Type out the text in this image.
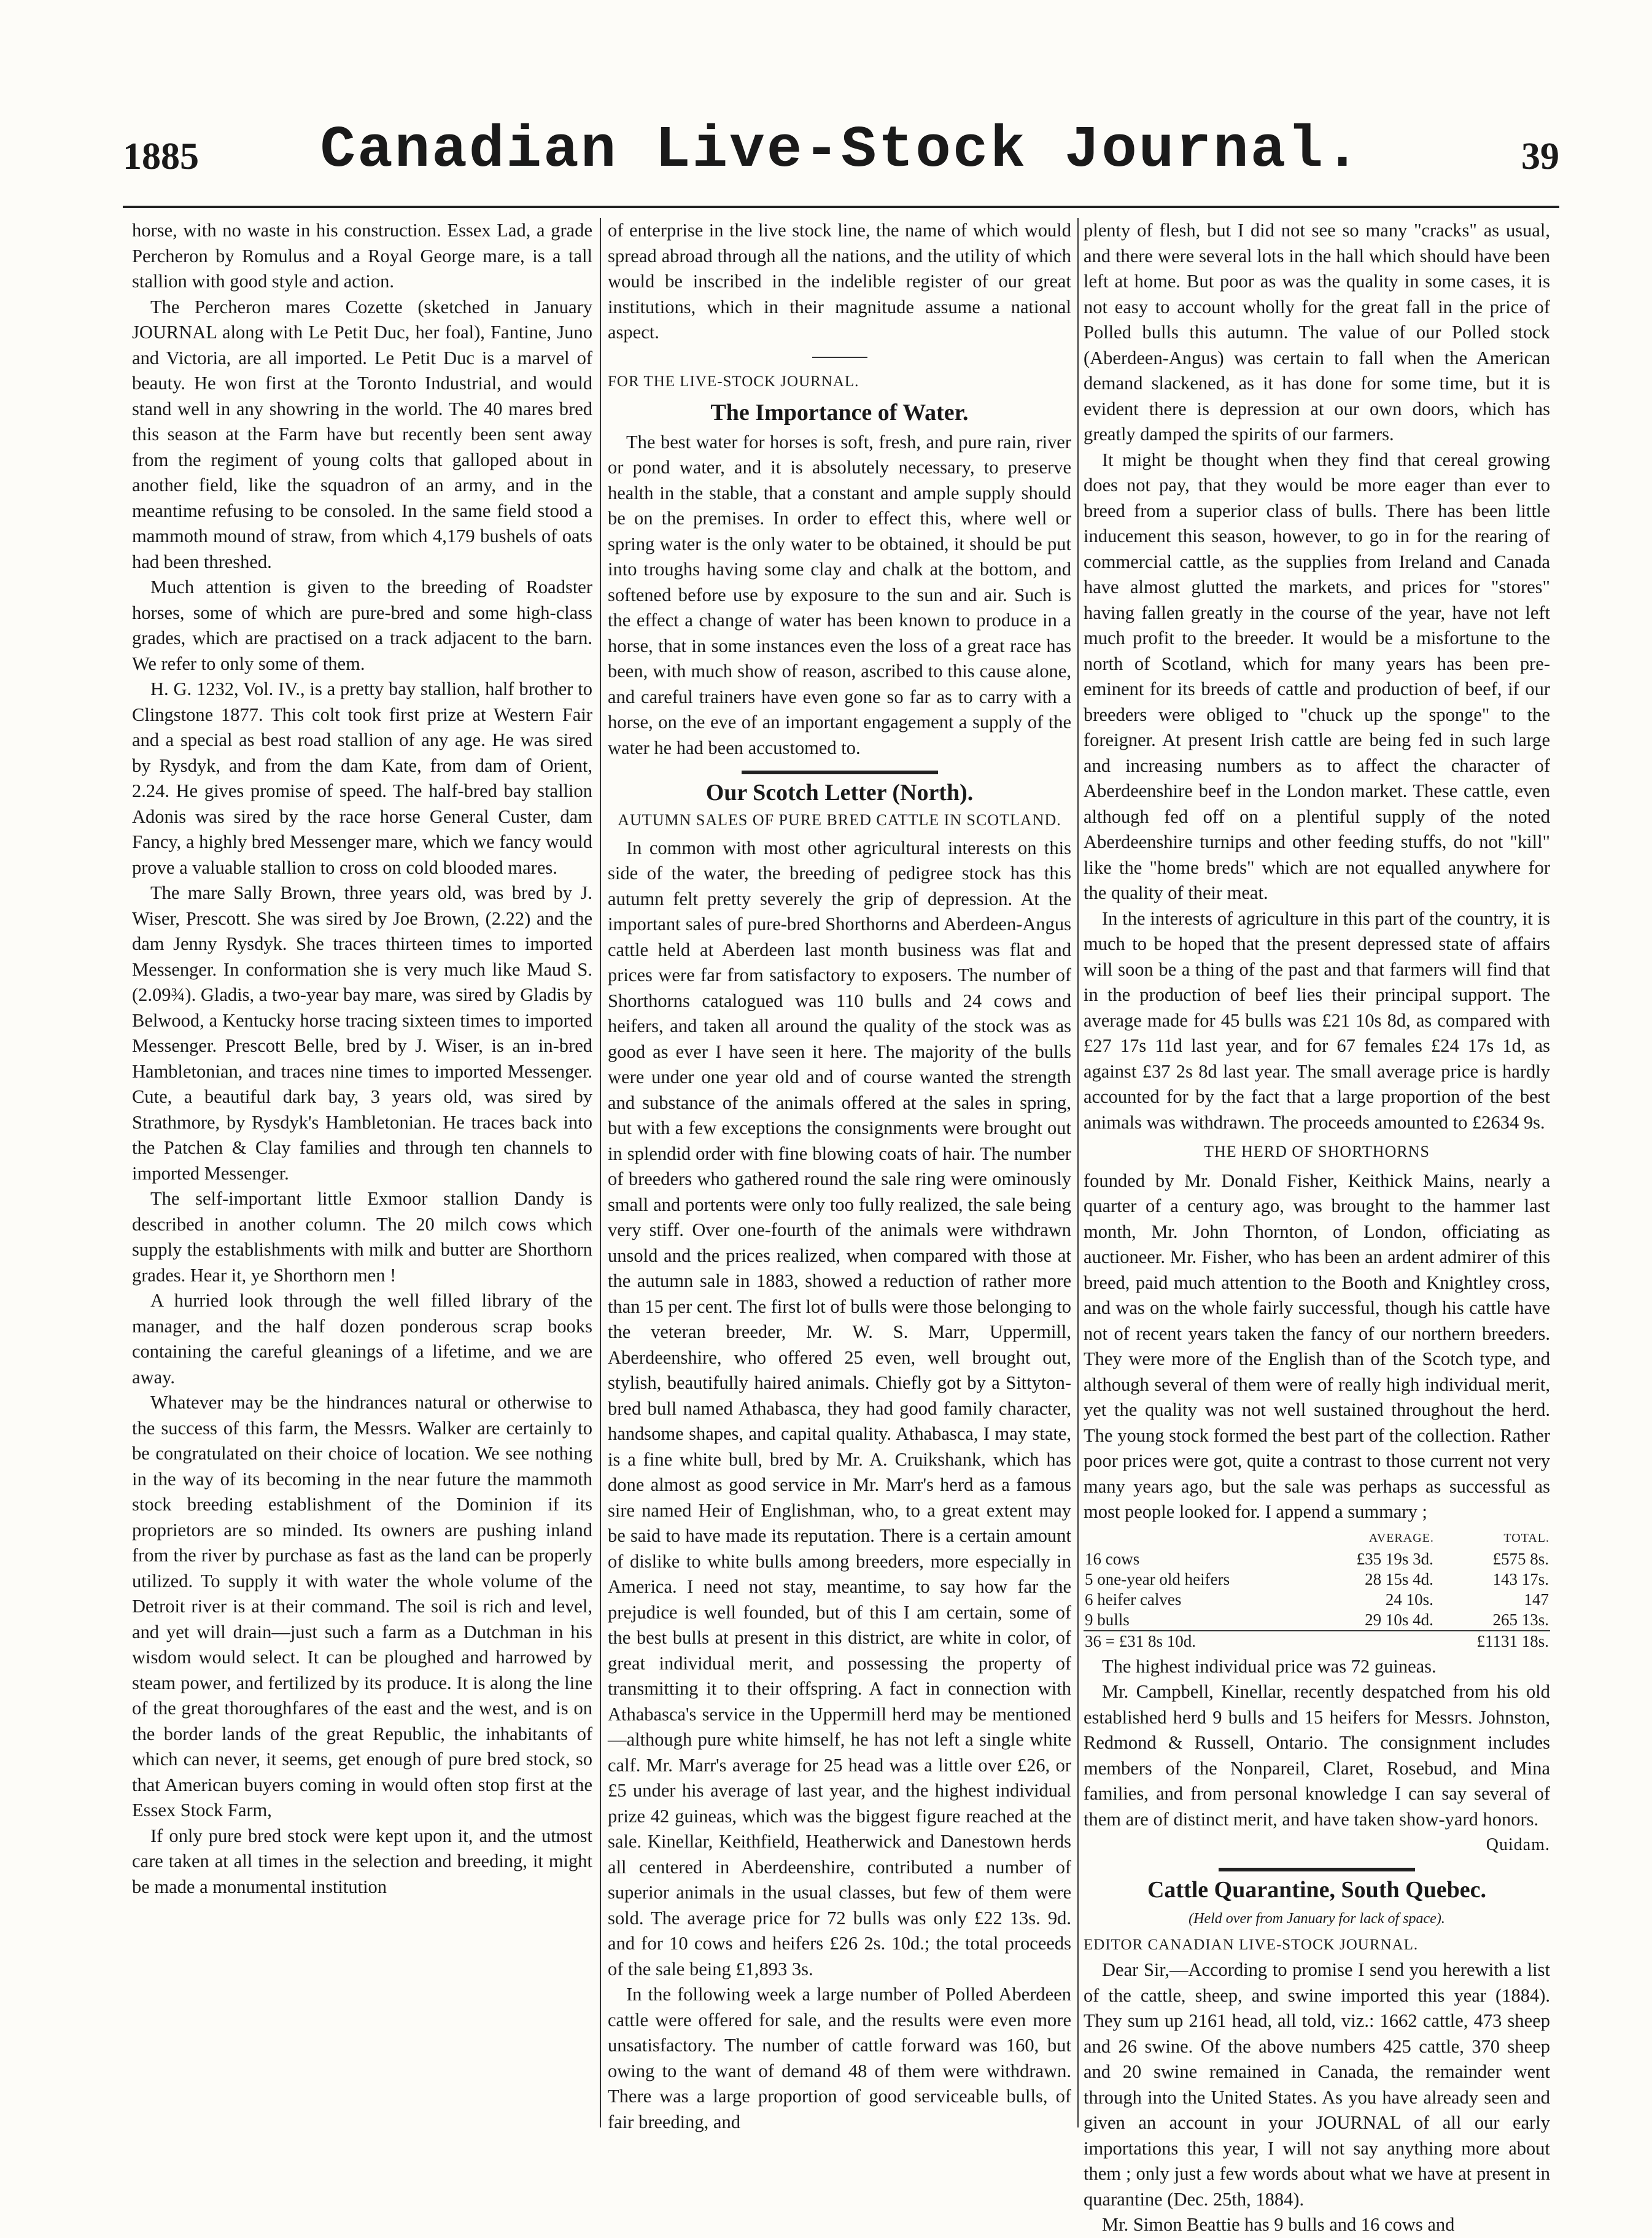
1885	Canadian Live-Stock Journal.	39

horse, with no waste in his construction. Essex Lad, a grade Percheron by Romulus and a Royal George mare, is a tall stallion with good style and action.

The Percheron mares Cozette (sketched in January JOURNAL along with Le Petit Duc, her foal), Fantine, Juno and Victoria, are all imported. Le Petit Duc is a marvel of beauty. He won first at the Toronto Industrial, and would stand well in any showring in the world. The 40 mares bred this season at the Farm have but recently been sent away from the regiment of young colts that galloped about in another field, like the squadron of an army, and in the meantime refusing to be consoled. In the same field stood a mammoth mound of straw, from which 4,179 bushels of oats had been threshed.

Much attention is given to the breeding of Roadster horses, some of which are pure-bred and some high-class grades, which are practised on a track adjacent to the barn. We refer to only some of them.

H. G. 1232, Vol. IV., is a pretty bay stallion, half brother to Clingstone 1877. This colt took first prize at Western Fair and a special as best road stallion of any age. He was sired by Rysdyk, and from the dam Kate, from dam of Orient, 2.24. He gives promise of speed. The half-bred bay stallion Adonis was sired by the race horse General Custer, dam Fancy, a highly bred Messenger mare, which we fancy would prove a valuable stallion to cross on cold blooded mares.

The mare Sally Brown, three years old, was bred by J. Wiser, Prescott. She was sired by Joe Brown, (2.22) and the dam Jenny Rysdyk. She traces thirteen times to imported Messenger. In conformation she is very much like Maud S. (2.09¾). Gladis, a two-year bay mare, was sired by Gladis by Belwood, a Kentucky horse tracing sixteen times to imported Messenger. Prescott Belle, bred by J. Wiser, is an in-bred Hambletonian, and traces nine times to imported Messenger. Cute, a beautiful dark bay, 3 years old, was sired by Strathmore, by Rysdyk's Hambletonian. He traces back into the Patchen & Clay families and through ten channels to imported Messenger.

The self-important little Exmoor stallion Dandy is described in another column. The 20 milch cows which supply the establishments with milk and butter are Shorthorn grades. Hear it, ye Shorthorn men !

A hurried look through the well filled library of the manager, and the half dozen ponderous scrap books containing the careful gleanings of a lifetime, and we are away.

Whatever may be the hindrances natural or otherwise to the success of this farm, the Messrs. Walker are certainly to be congratulated on their choice of location. We see nothing in the way of its becoming in the near future the mammoth stock breeding establishment of the Dominion if its proprietors are so minded. Its owners are pushing inland from the river by purchase as fast as the land can be properly utilized. To supply it with water the whole volume of the Detroit river is at their command. The soil is rich and level, and yet will drain—just such a farm as a Dutchman in his wisdom would select. It can be ploughed and harrowed by steam power, and fertilized by its produce. It is along the line of the great thoroughfares of the east and the west, and is on the border lands of the great Republic, the inhabitants of which can never, it seems, get enough of pure bred stock, so that American buyers coming in would often stop first at the Essex Stock Farm,

If only pure bred stock were kept upon it, and the utmost care taken at all times in the selection and breeding, it might be made a monumental institution

of enterprise in the live stock line, the name of which would spread abroad through all the nations, and the utility of which would be inscribed in the indelible register of our great institutions, which in their magnitude assume a national aspect.

FOR THE LIVE-STOCK JOURNAL.

The Importance of Water.

The best water for horses is soft, fresh, and pure rain, river or pond water, and it is absolutely necessary, to preserve health in the stable, that a constant and ample supply should be on the premises. In order to effect this, where well or spring water is the only water to be obtained, it should be put into troughs having some clay and chalk at the bottom, and softened before use by exposure to the sun and air. Such is the effect a change of water has been known to produce in a horse, that in some instances even the loss of a great race has been, with much show of reason, ascribed to this cause alone, and careful trainers have even gone so far as to carry with a horse, on the eve of an important engagement a supply of the water he had been accustomed to.

Our Scotch Letter (North).
AUTUMN SALES OF PURE BRED CATTLE IN SCOTLAND.

In common with most other agricultural interests on this side of the water, the breeding of pedigree stock has this autumn felt pretty severely the grip of depression. At the important sales of pure-bred Shorthorns and Aberdeen-Angus cattle held at Aberdeen last month business was flat and prices were far from satisfactory to exposers. The number of Shorthorns catalogued was 110 bulls and 24 cows and heifers, and taken all around the quality of the stock was as good as ever I have seen it here. The majority of the bulls were under one year old and of course wanted the strength and substance of the animals offered at the sales in spring, but with a few exceptions the consignments were brought out in splendid order with fine blowing coats of hair. The number of breeders who gathered round the sale ring were ominously small and portents were only too fully realized, the sale being very stiff. Over one-fourth of the animals were withdrawn unsold and the prices realized, when compared with those at the autumn sale in 1883, showed a reduction of rather more than 15 per cent. The first lot of bulls were those belonging to the veteran breeder, Mr. W. S. Marr, Uppermill, Aberdeenshire, who offered 25 even, well brought out, stylish, beautifully haired animals. Chiefly got by a Sittyton-bred bull named Athabasca, they had good family character, handsome shapes, and capital quality. Athabasca, I may state, is a fine white bull, bred by Mr. A. Cruikshank, which has done almost as good service in Mr. Marr's herd as a famous sire named Heir of Englishman, who, to a great extent may be said to have made its reputation. There is a certain amount of dislike to white bulls among breeders, more especially in America. I need not stay, meantime, to say how far the prejudice is well founded, but of this I am certain, some of the best bulls at present in this district, are white in color, of great individual merit, and possessing the property of transmitting it to their offspring. A fact in connection with Athabasca's service in the Uppermill herd may be mentioned—although pure white himself, he has not left a single white calf. Mr. Marr's average for 25 head was a little over £26, or £5 under his average of last year, and the highest individual prize 42 guineas, which was the biggest figure reached at the sale. Kinellar, Keithfield, Heatherwick and Danestown herds all centered in Aberdeenshire, contributed a number of superior animals in the usual classes, but few of them were sold. The average price for 72 bulls was only £22 13s. 9d. and for 10 cows and heifers £26 2s. 10d.; the total proceeds of the sale being £1,893 3s.

In the following week a large number of Polled Aberdeen cattle were offered for sale, and the results were even more unsatisfactory. The number of cattle forward was 160, but owing to the want of demand 48 of them were withdrawn. There was a large proportion of good serviceable bulls, of fair breeding, and

plenty of flesh, but I did not see so many "cracks" as usual, and there were several lots in the hall which should have been left at home. But poor as was the quality in some cases, it is not easy to account wholly for the great fall in the price of Polled bulls this autumn. The value of our Polled stock (Aberdeen-Angus) was certain to fall when the American demand slackened, as it has done for some time, but it is evident there is depression at our own doors, which has greatly damped the spirits of our farmers.

It might be thought when they find that cereal growing does not pay, that they would be more eager than ever to breed from a superior class of bulls. There has been little inducement this season, however, to go in for the rearing of commercial cattle, as the supplies from Ireland and Canada have almost glutted the markets, and prices for "stores" having fallen greatly in the course of the year, have not left much profit to the breeder. It would be a misfortune to the north of Scotland, which for many years has been pre-eminent for its breeds of cattle and production of beef, if our breeders were obliged to "chuck up the sponge" to the foreigner. At present Irish cattle are being fed in such large and increasing numbers as to affect the character of Aberdeenshire beef in the London market. These cattle, even although fed off on a plentiful supply of the noted Aberdeenshire turnips and other feeding stuffs, do not "kill" like the "home breds" which are not equalled anywhere for the quality of their meat.

In the interests of agriculture in this part of the country, it is much to be hoped that the present depressed state of affairs will soon be a thing of the past and that farmers will find that in the production of beef lies their principal support. The average made for 45 bulls was £21 10s 8d, as compared with £27 17s 11d last year, and for 67 females £24 17s 1d, as against £37 2s 8d last year. The small average price is hardly accounted for by the fact that a large proportion of the best animals was withdrawn. The proceeds amounted to £2634 9s.

THE HERD OF SHORTHORNS

founded by Mr. Donald Fisher, Keithick Mains, nearly a quarter of a century ago, was brought to the hammer last month, Mr. John Thornton, of London, officiating as auctioneer. Mr. Fisher, who has been an ardent admirer of this breed, paid much attention to the Booth and Knightley cross, and was on the whole fairly successful, though his cattle have not of recent years taken the fancy of our northern breeders. They were more of the English than of the Scotch type, and although several of them were of really high individual merit, yet the quality was not well sustained throughout the herd. The young stock formed the best part of the collection. Rather poor prices were got, quite a contrast to those current not very many years ago, but the sale was perhaps as successful as most people looked for. I append a summary ;

	AVERAGE.	TOTAL.
16 cows	£35 19s 3d.	£575 8s.
5 one-year old heifers	28 15s 4d.	143 17s.
6 heifer calves	24 10s.	147
9 bulls	29 10s 4d.	265 13s.
36 = £31 8s 10d.		£1131 18s.

The highest individual price was 72 guineas.

Mr. Campbell, Kinellar, recently despatched from his old established herd 9 bulls and 15 heifers for Messrs. Johnston, Redmond & Russell, Ontario. The consignment includes members of the Nonpareil, Claret, Rosebud, and Mina families, and from personal knowledge I can say several of them are of distinct merit, and have taken show-yard honors.

Quidam.

Cattle Quarantine, South Quebec.

(Held over from January for lack of space).

EDITOR CANADIAN LIVE-STOCK JOURNAL.

Dear Sir,—According to promise I send you herewith a list of the cattle, sheep, and swine imported this year (1884). They sum up 2161 head, all told, viz.: 1662 cattle, 473 sheep and 26 swine. Of the above numbers 425 cattle, 370 sheep and 20 swine remained in Canada, the remainder went through into the United States. As you have already seen and given an account in your JOURNAL of all our early importations this year, I will not say anything more about them ; only just a few words about what we have at present in quarantine (Dec. 25th, 1884).

Mr. Simon Beattie has 9 bulls and 16 cows and
